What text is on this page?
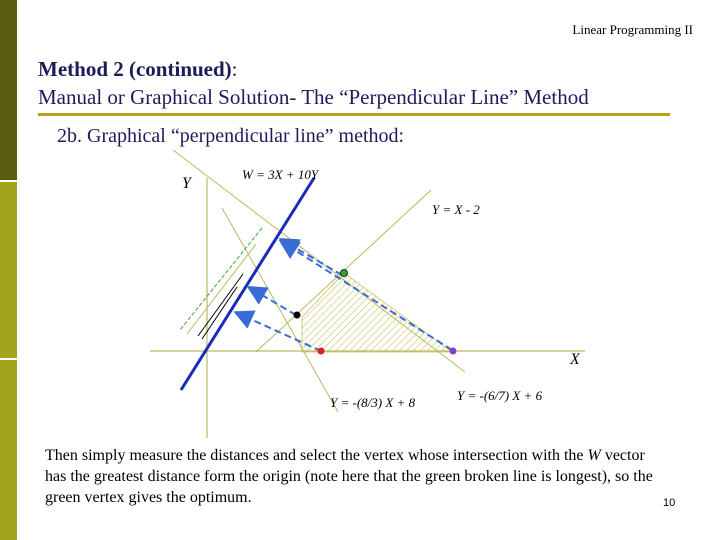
Linear Programming II
Method 2 (continued):
Manual or Graphical Solution- The “Perpendicular Line” Method
2b. Graphical “perpendicular line” method:
Y
X
W = 3X + 10Y
Y = X - 2
Y = -(8/3) X + 8	Y = -(6/7) X + 6
Then simply measure the distances and select the vertex whose intersection with the W vector has the greatest distance form the origin (note here that the green broken line is longest), so the green vertex gives the optimum.	10
